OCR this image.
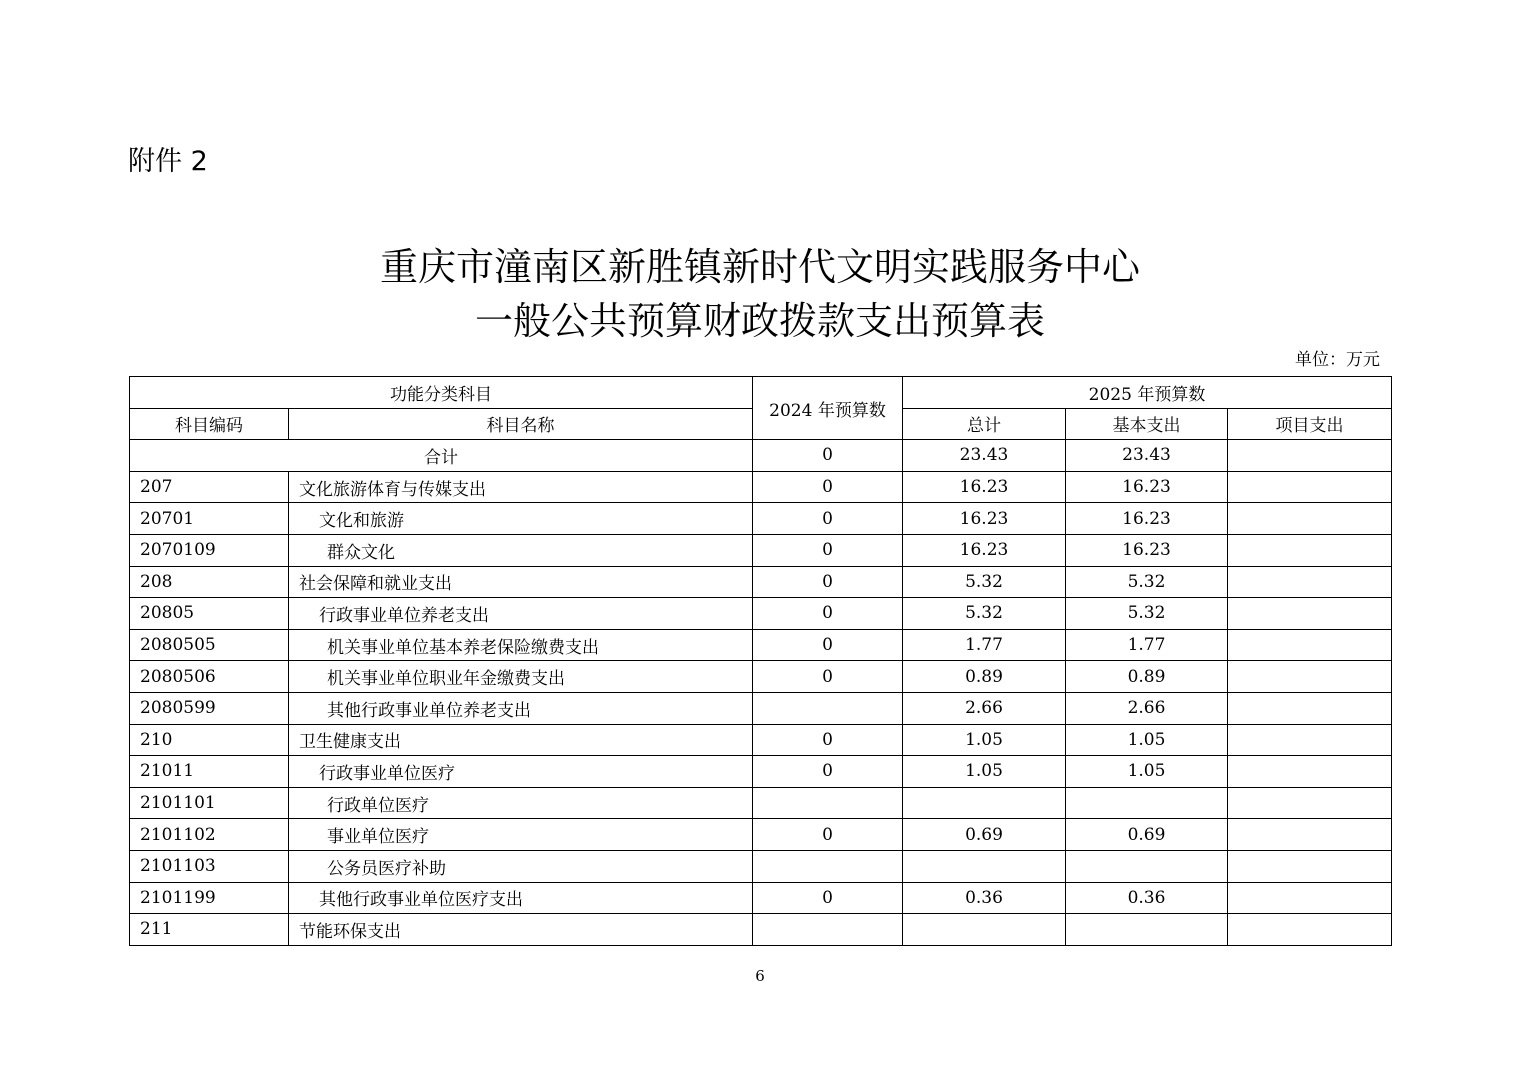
附件 2
重庆市潼南区新胜镇新时代文明实践服务中心
一般公共预算财政拨款支出预算表
单位：万元
功能分类科目		2024 年预算数	2025 年预算数		
科目编码	科目名称		总计	基本支出	项目支出
合计		0	23.43	23.43	
207	文化旅游体育与传媒支出	0	16.23	16.23	
20701	文化和旅游	0	16.23	16.23	
2070109	群众文化	0	16.23	16.23	
208	社会保障和就业支出	0	5.32	5.32	
20805	行政事业单位养老支出	0	5.32	5.32	
2080505	机关事业单位基本养老保险缴费支出	0	1.77	1.77	
2080506	机关事业单位职业年金缴费支出	0	0.89	0.89	
2080599	其他行政事业单位养老支出		2.66	2.66	
210	卫生健康支出	0	1.05	1.05	
21011	行政事业单位医疗	0	1.05	1.05	
2101101	行政单位医疗				
2101102	事业单位医疗	0	0.69	0.69	
2101103	公务员医疗补助				
2101199	其他行政事业单位医疗支出	0	0.36	0.36	
211	节能环保支出				
6
